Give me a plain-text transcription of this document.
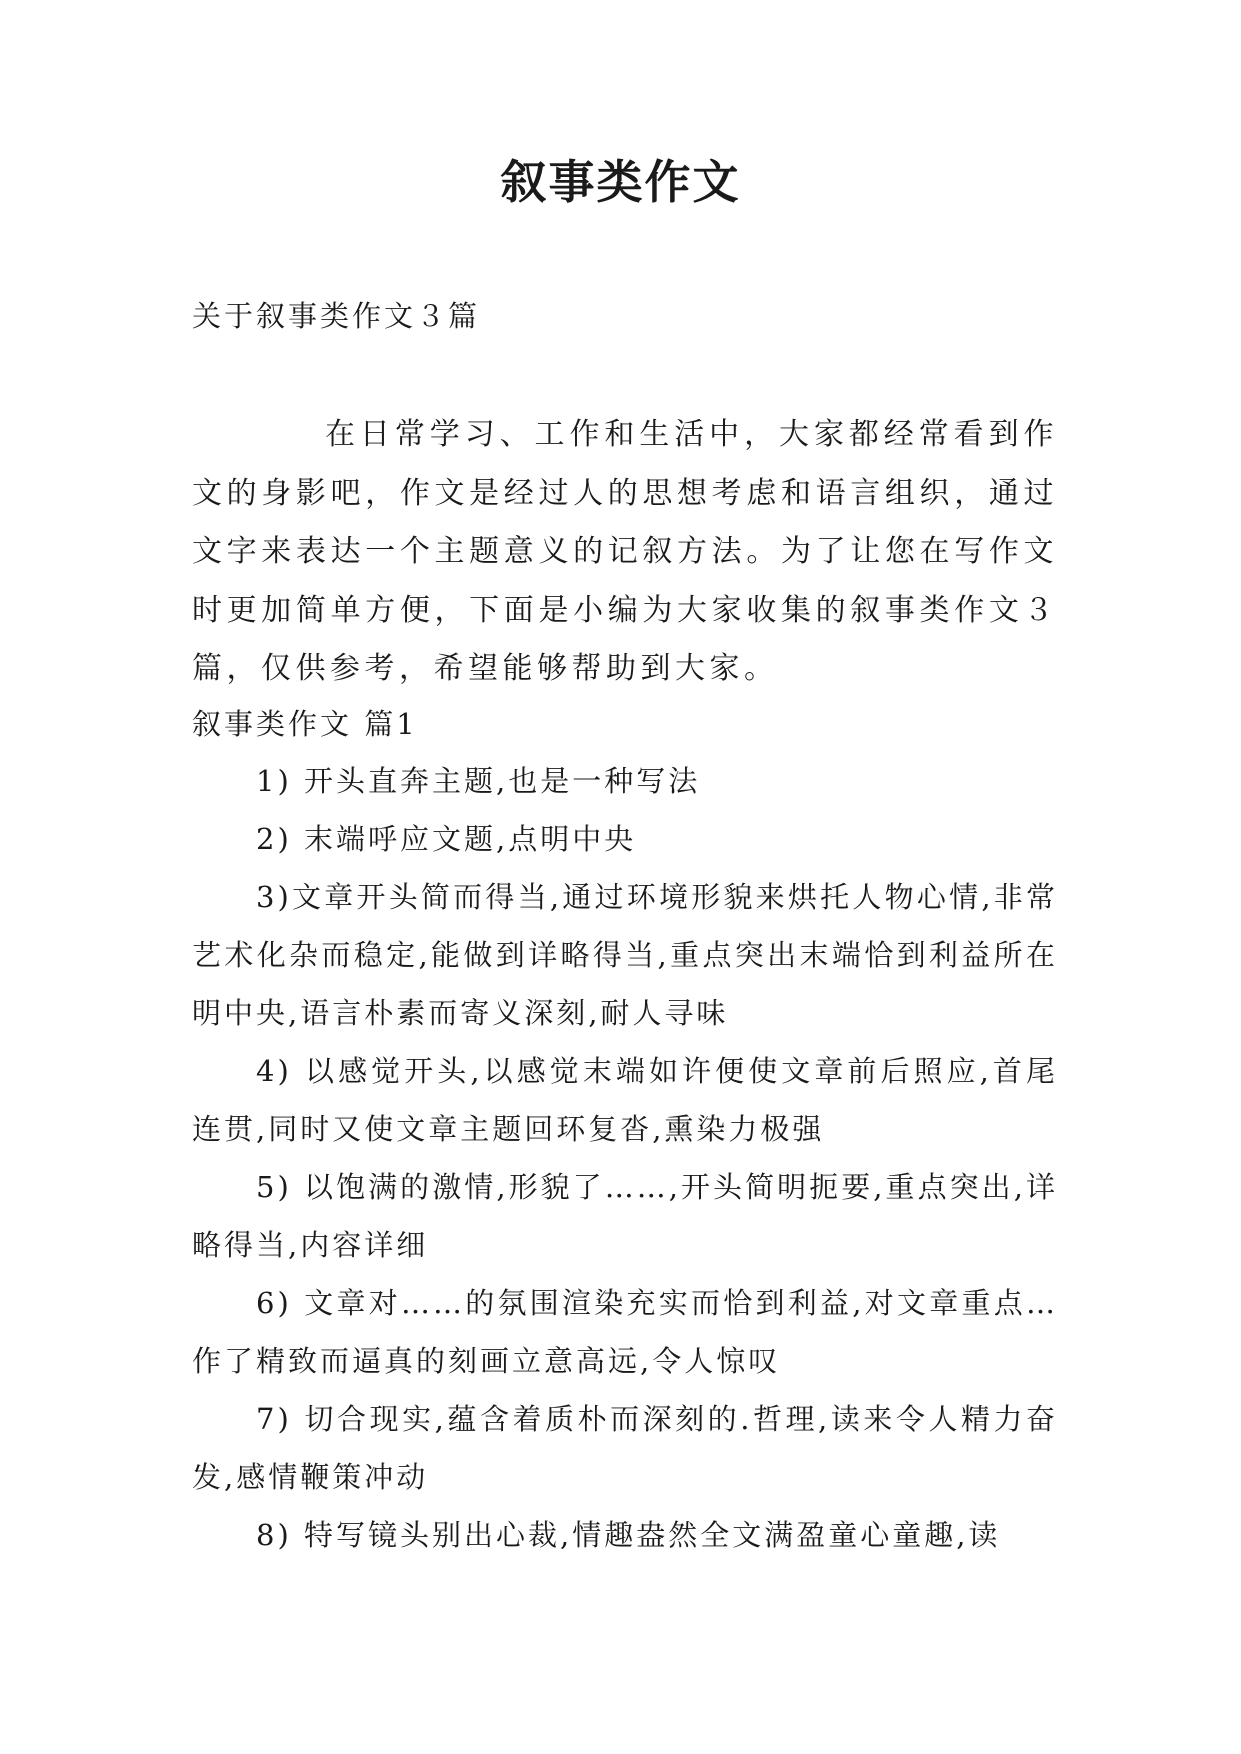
叙事类作文
关于叙事类作文３篇
在日常学习、工作和生活中，大家都经常看到作文的身影吧，作文是经过人的思想考虑和语言组织，通过文字来表达一个主题意义的记叙方法。为了让您在写作文时更加简单方便，下面是小编为大家收集的叙事类作文３篇，仅供参考，希望能够帮助到大家。
叙事类作文 篇1
1) 开头直奔主题,也是一种写法
2) 末端呼应文题,点明中央
3)文章开头简而得当,通过环境形貌来烘托人物心情,非常艺术化杂而稳定,能做到详略得当,重点突出末端恰到利益所在明中央,语言朴素而寄义深刻,耐人寻味
4) 以感觉开头,以感觉末端如许便使文章前后照应,首尾连贯,同时又使文章主题回环复沓,熏染力极强
5) 以饱满的激情,形貌了……,开头简明扼要,重点突出,详略得当,内容详细
6) 文章对……的氛围渲染充实而恰到利益,对文章重点…作了精致而逼真的刻画立意高远,令人惊叹
7) 切合现实,蕴含着质朴而深刻的.哲理,读来令人精力奋发,感情鞭策冲动
8) 特写镜头别出心裁,情趣盎然全文满盈童心童趣,读
